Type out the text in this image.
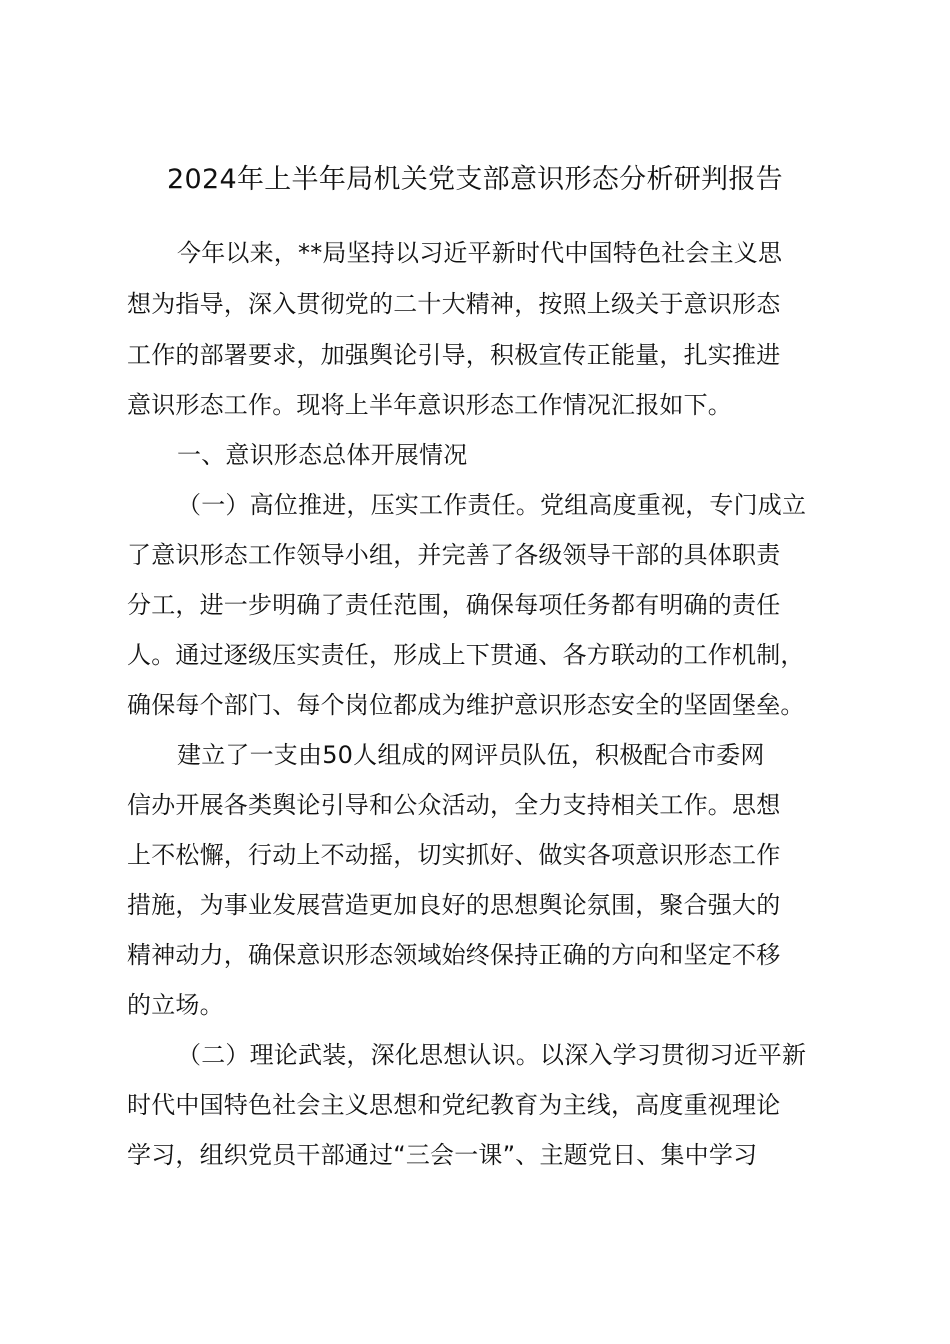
2024年上半年局机关党支部意识形态分析研判报告
今年以来，**局坚持以习近平新时代中国特色社会主义思
想为指导，深入贯彻党的二十大精神，按照上级关于意识形态
工作的部署要求，加强舆论引导，积极宣传正能量，扎实推进
意识形态工作。现将上半年意识形态工作情况汇报如下。
一、意识形态总体开展情况
（一）高位推进，压实工作责任。党组高度重视，专门成立
了意识形态工作领导小组，并完善了各级领导干部的具体职责
分工，进一步明确了责任范围，确保每项任务都有明确的责任
人。通过逐级压实责任，形成上下贯通、各方联动的工作机制，
确保每个部门、每个岗位都成为维护意识形态安全的坚固堡垒。
建立了一支由50人组成的网评员队伍，积极配合市委网
信办开展各类舆论引导和公众活动，全力支持相关工作。思想
上不松懈，行动上不动摇，切实抓好、做实各项意识形态工作
措施，为事业发展营造更加良好的思想舆论氛围，聚合强大的
精神动力，确保意识形态领域始终保持正确的方向和坚定不移
的立场。
（二）理论武装，深化思想认识。以深入学习贯彻习近平新
时代中国特色社会主义思想和党纪教育为主线，高度重视理论
学习，组织党员干部通过“三会一课”、主题党日、集中学习
